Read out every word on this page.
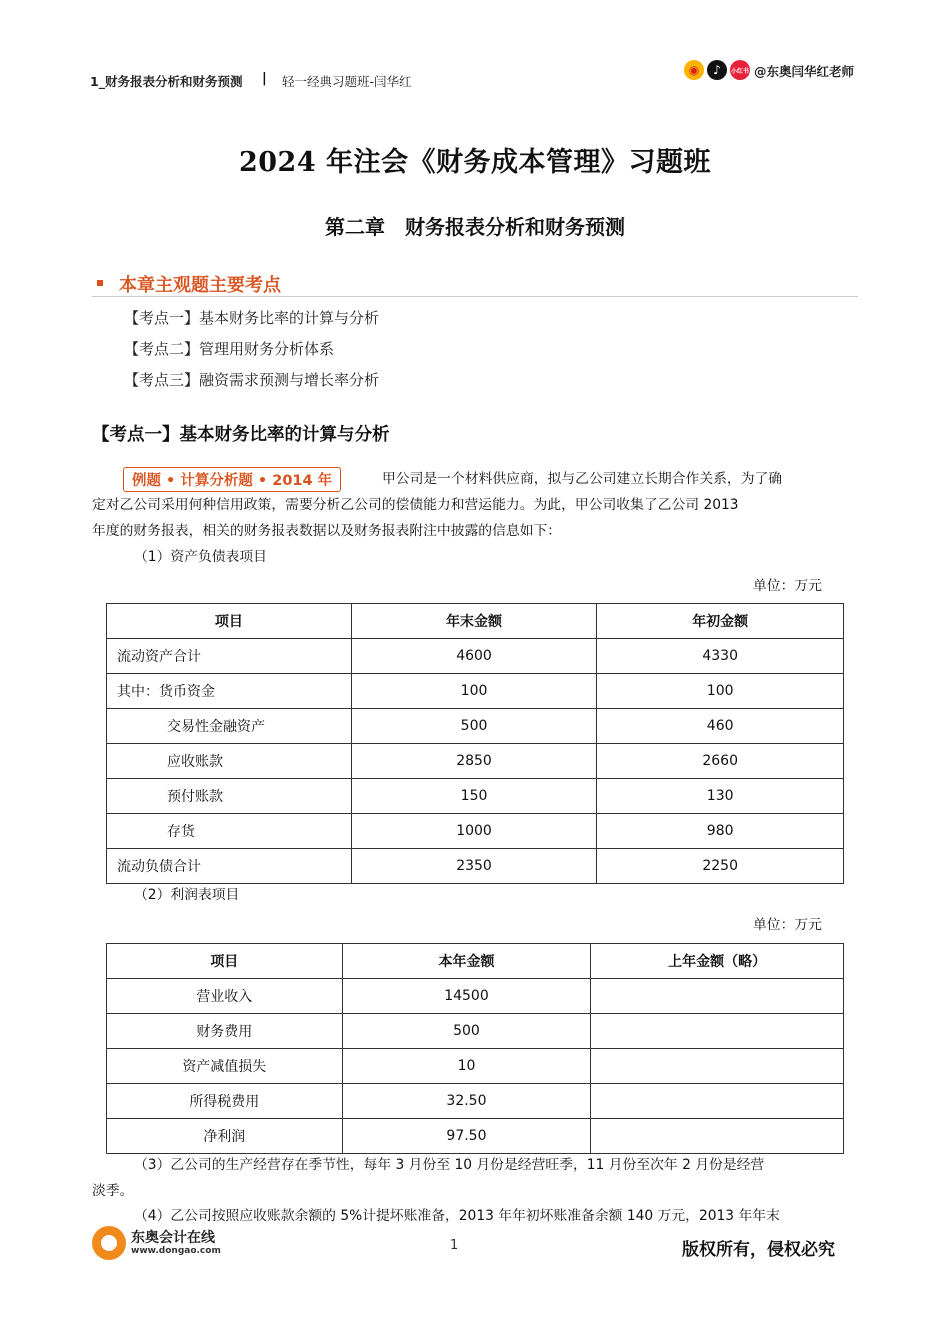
1_财务报表分析和财务预测 | 轻一经典习题班-闫华红
◉	♪	小红书 @东奥闫华红老师
2024 年注会《财务成本管理》习题班
第二章　财务报表分析和财务预测
本章主观题主要考点
【考点一】基本财务比率的计算与分析
【考点二】管理用财务分析体系
【考点三】融资需求预测与增长率分析
【考点一】基本财务比率的计算与分析
例题 • 计算分析题 • 2014 年	甲公司是一个材料供应商，拟与乙公司建立长期合作关系，为了确
定对乙公司采用何种信用政策，需要分析乙公司的偿债能力和营运能力。为此，甲公司收集了乙公司 2013
年度的财务报表，相关的财务报表数据以及财务报表附注中披露的信息如下：
（1）资产负债表项目
单位：万元
项目	年末金额	年初金额
流动资产合计	4600	4330
其中：货币资金	100	100
交易性金融资产	500	460
应收账款	2850	2660
预付账款	150	130
存货	1000	980
流动负债合计	2350	2250
（2）利润表项目
单位：万元
项目	本年金额	上年金额（略）
营业收入	14500	
财务费用	500	
资产减值损失	10	
所得税费用	32.50	
净利润	97.50	
（3）乙公司的生产经营存在季节性，每年 3 月份至 10 月份是经营旺季，11 月份至次年 2 月份是经营
淡季。
（4）乙公司按照应收账款余额的 5%计提坏账准备，2013 年年初坏账准备余额 140 万元，2013 年年末
东奥会计在线
www.dongao.com	1	版权所有，侵权必究
